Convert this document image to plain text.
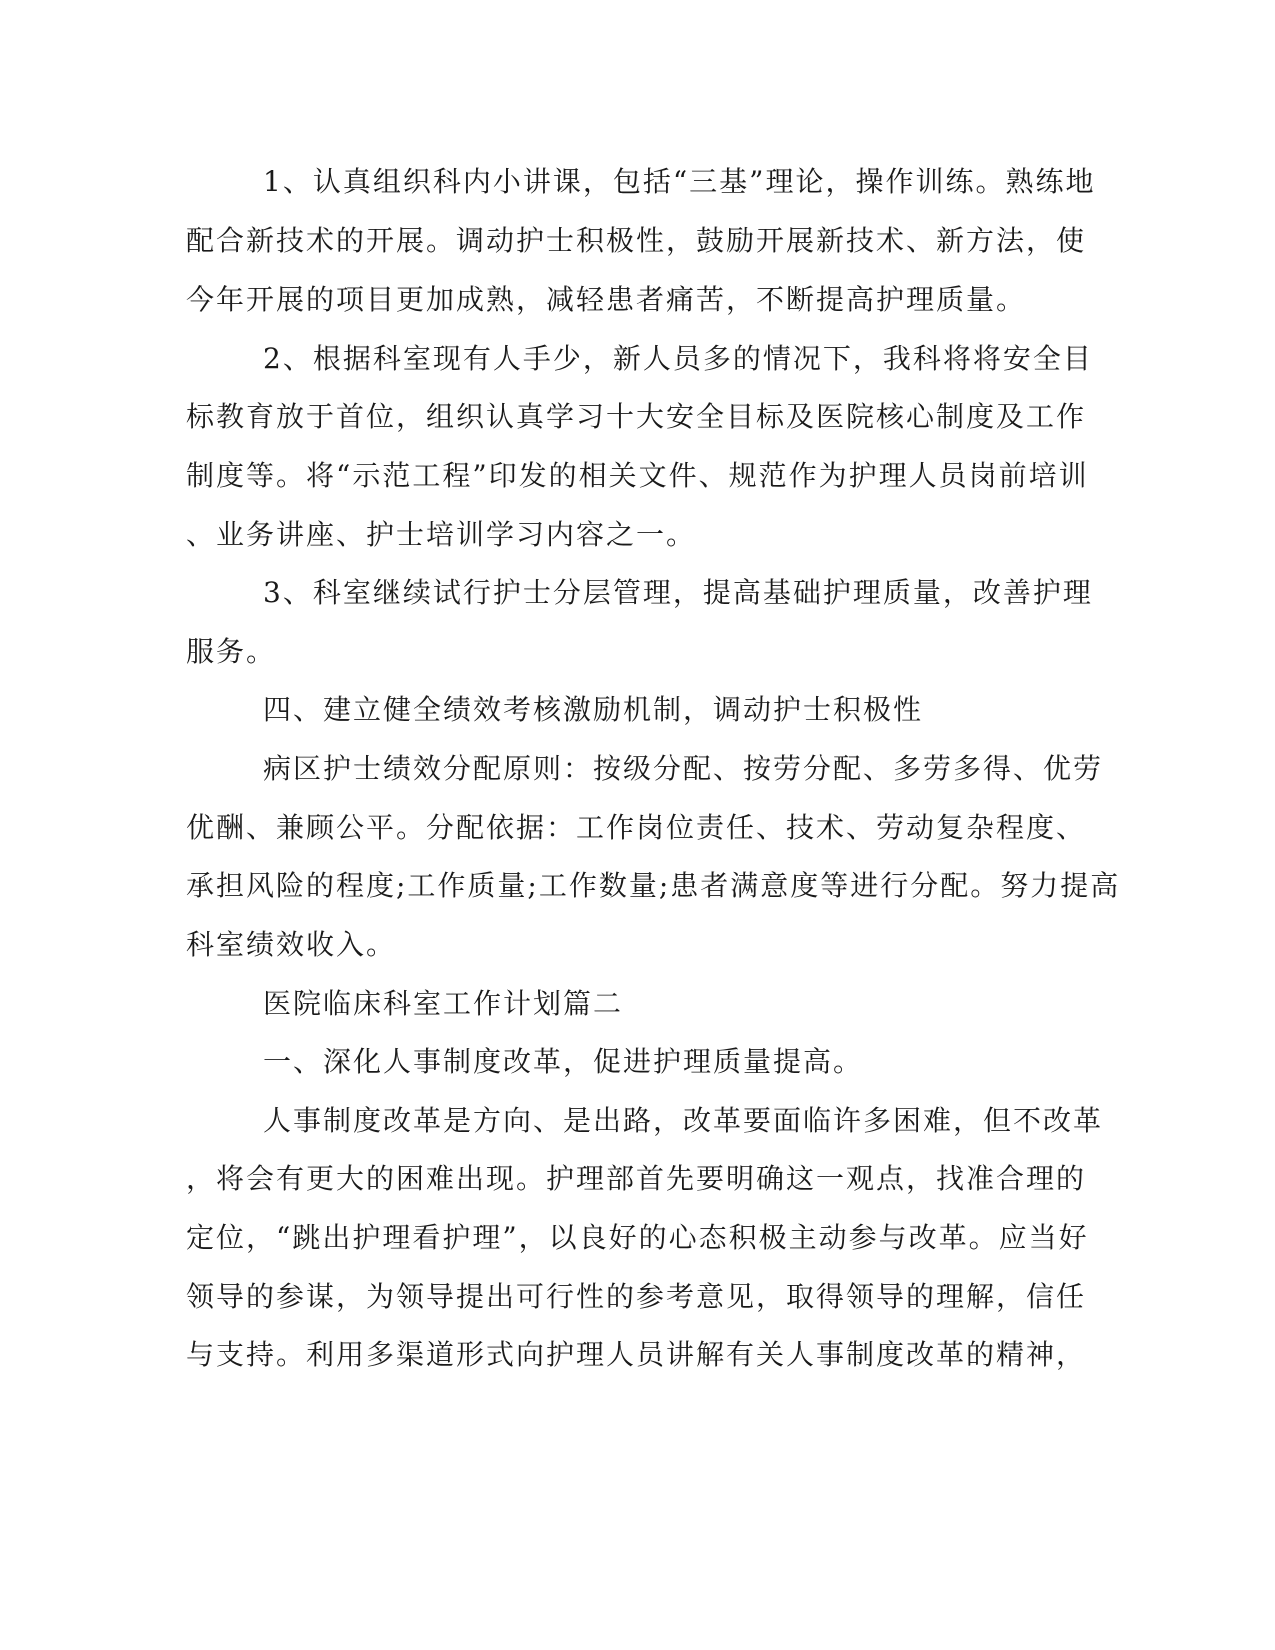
1、认真组织科内小讲课，包括“三基”理论，操作训练。熟练地
配合新技术的开展。调动护士积极性，鼓励开展新技术、新方法，使
今年开展的项目更加成熟，减轻患者痛苦，不断提高护理质量。
2、根据科室现有人手少，新人员多的情况下，我科将将安全目
标教育放于首位，组织认真学习十大安全目标及医院核心制度及工作
制度等。将“示范工程”印发的相关文件、规范作为护理人员岗前培训
、业务讲座、护士培训学习内容之一。
3、科室继续试行护士分层管理，提高基础护理质量，改善护理
服务。
四、建立健全绩效考核激励机制，调动护士积极性
病区护士绩效分配原则：按级分配、按劳分配、多劳多得、优劳
优酬、兼顾公平。分配依据：工作岗位责任、技术、劳动复杂程度、
承担风险的程度;工作质量;工作数量;患者满意度等进行分配。努力提高
科室绩效收入。
医院临床科室工作计划篇二
一、深化人事制度改革，促进护理质量提高。
人事制度改革是方向、是出路，改革要面临许多困难，但不改革
，将会有更大的困难出现。护理部首先要明确这一观点，找准合理的
定位，“跳出护理看护理”，以良好的心态积极主动参与改革。应当好
领导的参谋，为领导提出可行性的参考意见，取得领导的理解，信任
与支持。利用多渠道形式向护理人员讲解有关人事制度改革的精神，
